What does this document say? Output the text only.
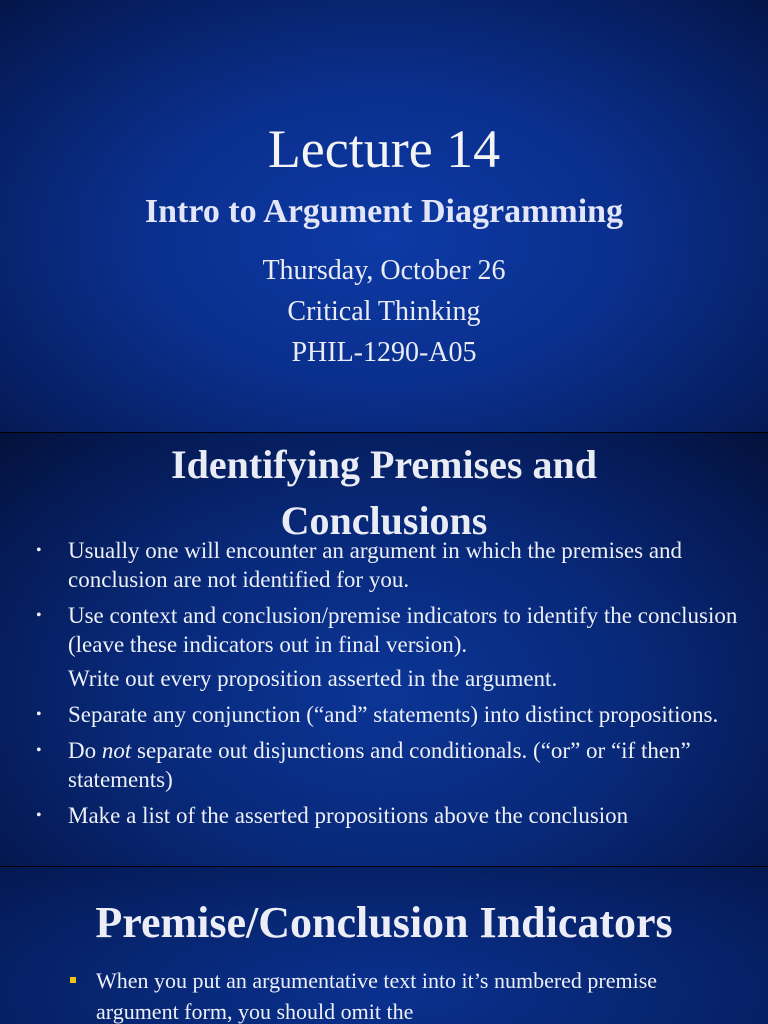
Lecture 14
Intro to Argument Diagramming
Thursday, October 26
Critical Thinking
PHIL-1290-A05
Identifying Premises and
Conclusions
• Usually one will encounter an argument in which the premises and conclusion are not identified for you.
• Use context and conclusion/premise indicators to identify the conclusion (leave these indicators out in final version).
Write out every proposition asserted in the argument.
• Separate any conjunction (“and” statements) into distinct propositions.
• Do not separate out disjunctions and conditionals. (“or” or “if then” statements)
• Make a list of the asserted propositions above the conclusion
Premise/Conclusion Indicators
When you put an argumentative text into it’s numbered premise argument form, you should omit the
